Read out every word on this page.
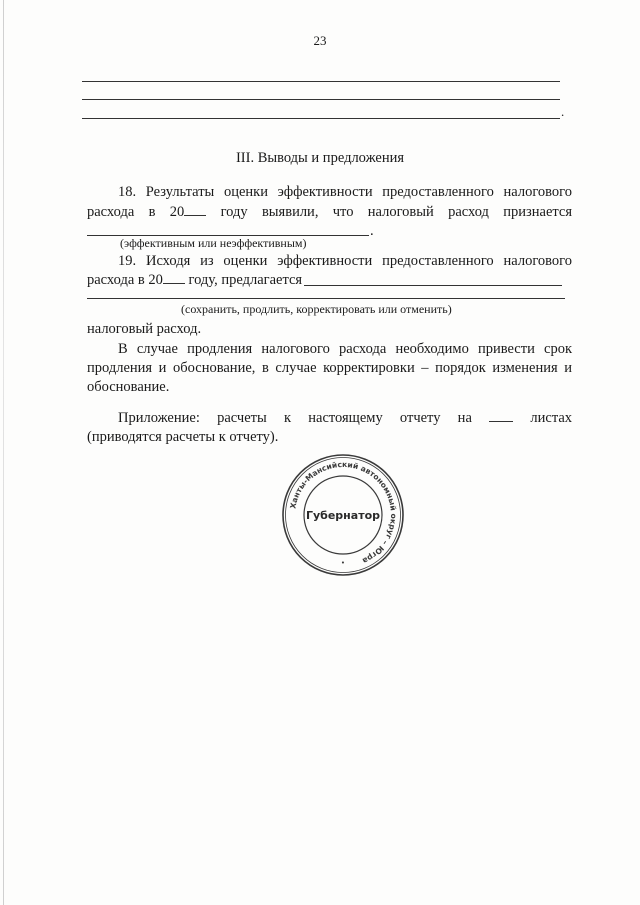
23
.
III. Выводы и предложения
18. Результаты оценки эффективности предоставленного налогового
расхода в 20	году выявили, что налоговый расход признается
.
(эффективным или неэффективным)
19. Исходя из оценки эффективности предоставленного налогового
расхода в 20 году, предлагается
(сохранить, продлить, корректировать или отменить)
налоговый расход.
В случае продления налогового расхода необходимо привести срок
продления и обоснование, в случае корректировки – порядок изменения и
обоснование.
Приложение: расчеты к настоящему отчету на	листах
(приводятся расчеты к отчету).
Ханты-Мансийский автономный округ – Югра
Губернатор
•
